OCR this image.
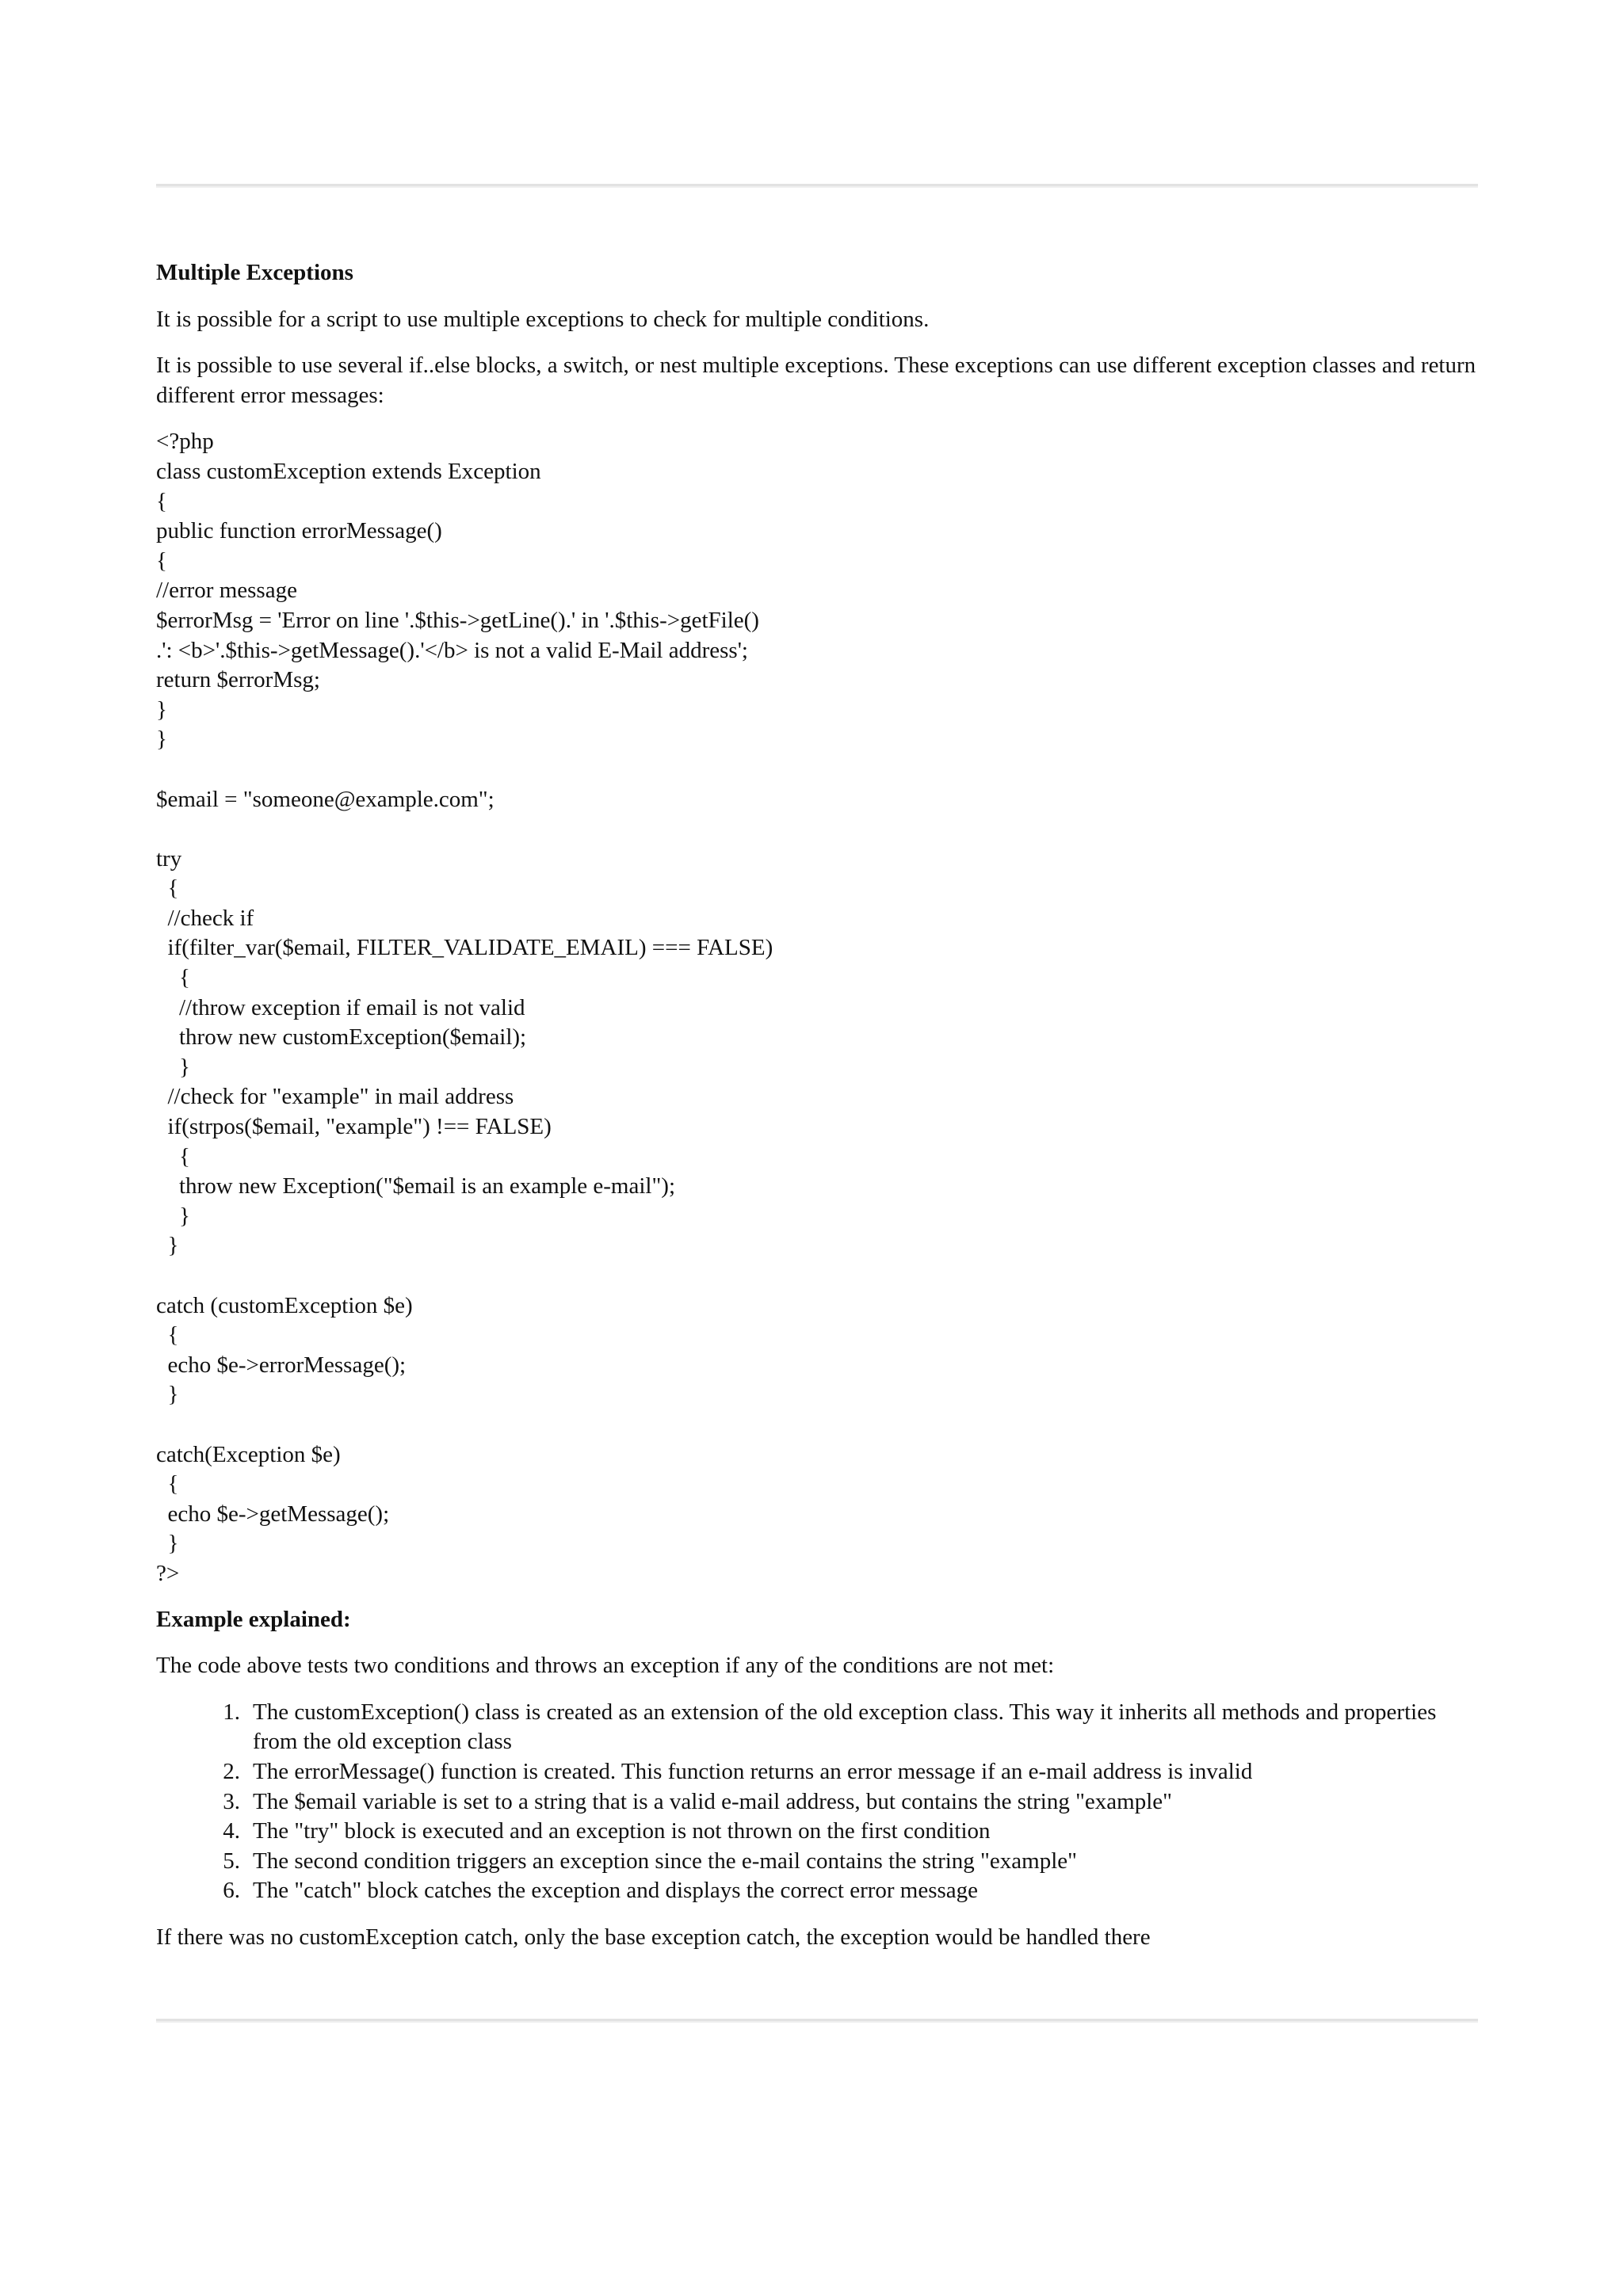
Multiple Exceptions
It is possible for a script to use multiple exceptions to check for multiple conditions.
It is possible to use several if..else blocks, a switch, or nest multiple exceptions. These exceptions can use different exception classes and return different error messages:
<?php
class customException extends Exception
{
public function errorMessage()
{
//error message
$errorMsg = 'Error on line '.$this->getLine().' in '.$this->getFile()
.': <b>'.$this->getMessage().'</b> is not a valid E-Mail address';
return $errorMsg;
}
}
$email = "someone@example.com";
try
{
//check if
if(filter_var($email, FILTER_VALIDATE_EMAIL) === FALSE)
{
//throw exception if email is not valid
throw new customException($email);
}
//check for "example" in mail address
if(strpos($email, "example") !== FALSE)
{
throw new Exception("$email is an example e-mail");
}
}
catch (customException $e)
{
echo $e->errorMessage();
}
catch(Exception $e)
{
echo $e->getMessage();
}
?>
Example explained:
The code above tests two conditions and throws an exception if any of the conditions are not met:
1. The customException() class is created as an extension of the old exception class. This way it inherits all methods and properties from the old exception class
2. The errorMessage() function is created. This function returns an error message if an e-mail address is invalid
3. The $email variable is set to a string that is a valid e-mail address, but contains the string "example"
4. The "try" block is executed and an exception is not thrown on the first condition
5. The second condition triggers an exception since the e-mail contains the string "example"
6. The "catch" block catches the exception and displays the correct error message
If there was no customException catch, only the base exception catch, the exception would be handled there
